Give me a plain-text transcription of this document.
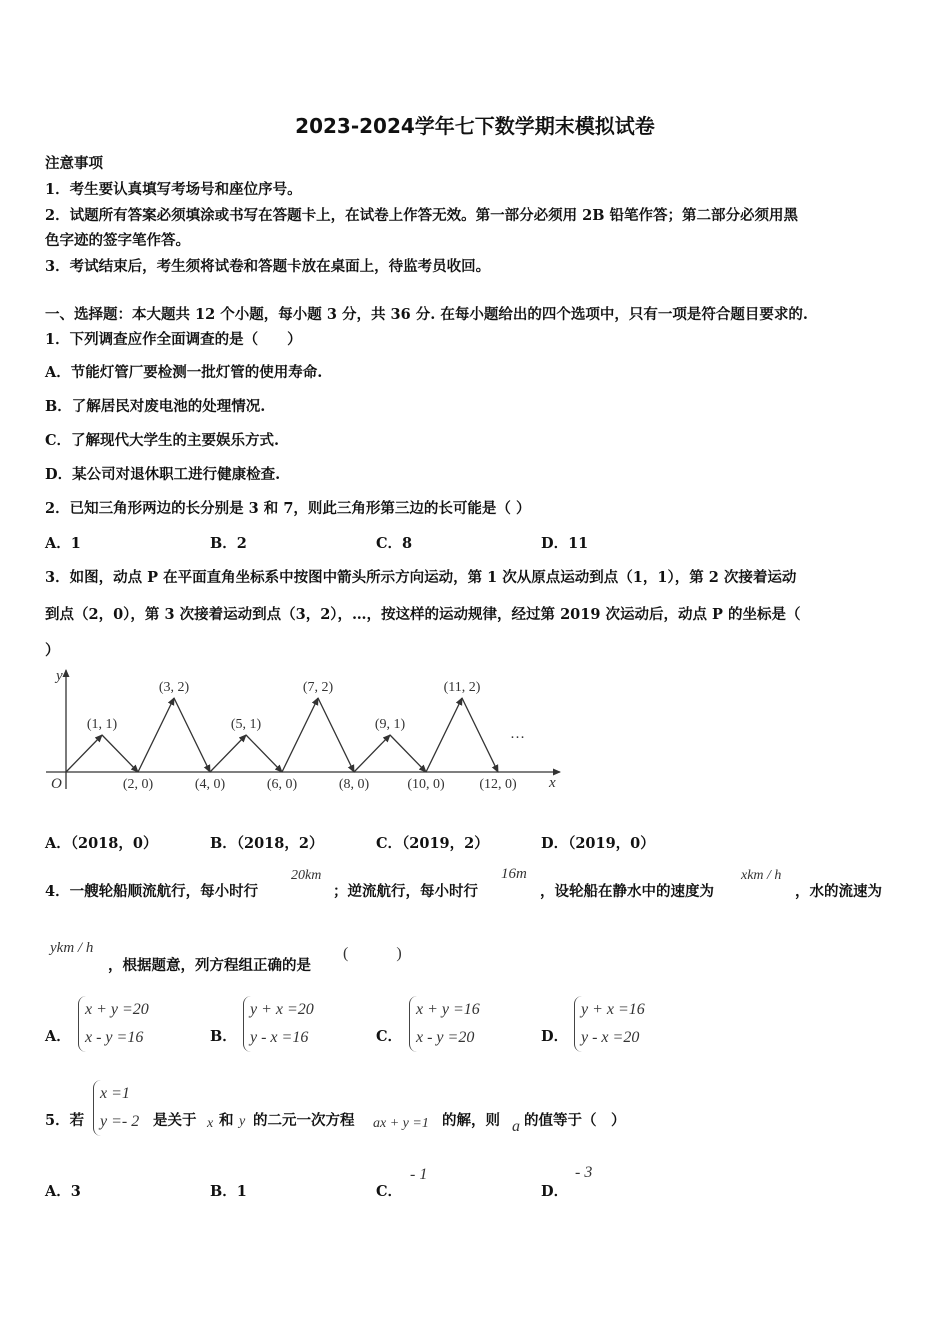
2023-2024学年七下数学期末模拟试卷
注意事项
1．考生要认真填写考场号和座位序号。
2．试题所有答案必须填涂或书写在答题卡上，在试卷上作答无效。第一部分必须用 2B 铅笔作答；第二部分必须用黑
色字迹的签字笔作答。
3．考试结束后，考生须将试卷和答题卡放在桌面上，待监考员收回。
一、选择题：本大题共 12 个小题，每小题 3 分，共 36 分. 在每小题给出的四个选项中，只有一项是符合题目要求的.
1．下列调查应作全面调查的是（　　）
A．节能灯管厂要检测一批灯管的使用寿命.
B．了解居民对废电池的处理情况.
C．了解现代大学生的主要娱乐方式.
D．某公司对退休职工进行健康检查.
2．已知三角形两边的长分别是 3 和 7，则此三角形第三边的长可能是（ ）
A．1	B．2	C．8	D．11
3．如图，动点 P 在平面直角坐标系中按图中箭头所示方向运动，第 1 次从原点运动到点（1，1），第 2 次接着运动
到点（2，0），第 3 次接着运动到点（3，2），…，按这样的运动规律，经过第 2019 次运动后，动点 P 的坐标是（
）
y
x
O
(1, 1)
(3, 2)
(5, 1)
(7, 2)
(9, 1)
(11, 2)
(2, 0)	(4, 0)	(6, 0)	(8, 0)	(10, 0) (12, 0)
…
A．（2018，0）	B．（2018，2）	C．（2019，2）	D．（2019，0）
4．一艘轮船顺流航行，每小时行
20km
；逆流航行，每小时行
16m
，设轮船在静水中的速度为
xkm / h
，水的流速为
ykm / h
，根据题意，列方程组正确的是
(　　　)
A．
x + y =20
x - y =16	B．
y + x =20
y - x =16	C．
x + y =16
x - y =20	D．
y + x =16
y - x =20
5．若
x =1
y =- 2 是关于 x 和 y 的二元一次方程 ax + y =1 的解，则 a 的值等于（　）
A．3	B．1	C．
- 1
D．
- 3
